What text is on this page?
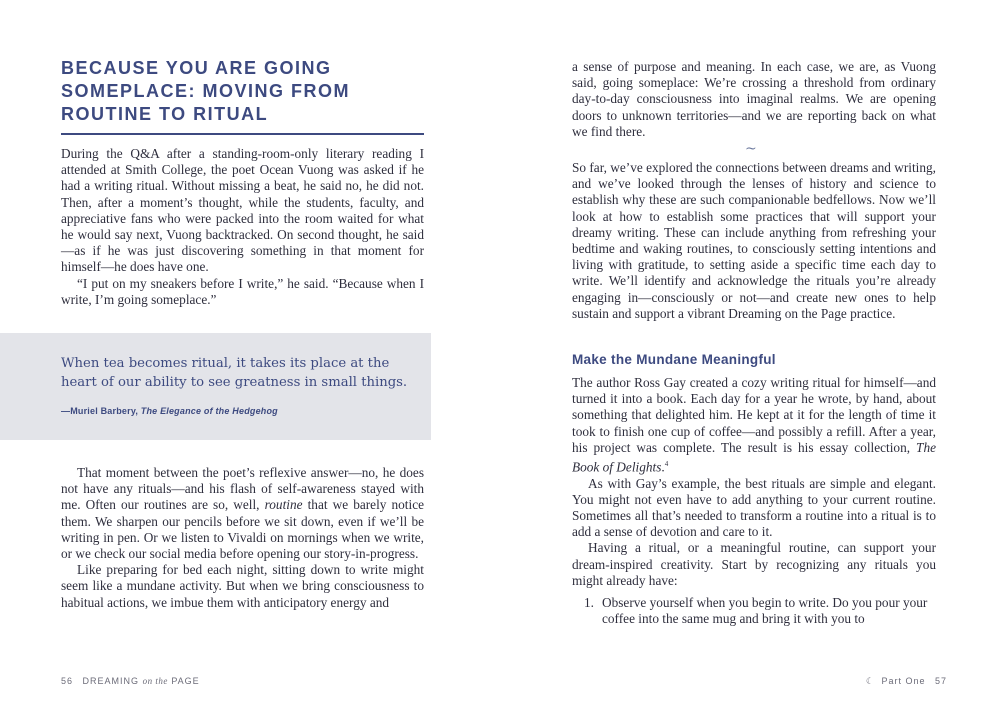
BECAUSE YOU ARE GOING SOMEPLACE: MOVING FROM ROUTINE TO RITUAL

During the Q&A after a standing-room-only literary reading I attended at Smith College, the poet Ocean Vuong was asked if he had a writing ritual. Without missing a beat, he said no, he did not. Then, after a moment’s thought, while the students, faculty, and appreciative fans who were packed into the room waited for what he would say next, Vuong backtracked. On second thought, he said—as if he was just discovering something in that moment for himself—he does have one.

“I put on my sneakers before I write,” he said. “Because when I write, I’m going someplace.”

When tea becomes ritual, it takes its place at the heart of our ability to see greatness in small things.

—Muriel Barbery, The Elegance of the Hedgehog

That moment between the poet’s reflexive answer—no, he does not have any rituals—and his flash of self-awareness stayed with me. Often our routines are so, well, routine that we barely notice them. We sharpen our pencils before we sit down, even if we’ll be writing in pen. Or we listen to Vivaldi on mornings when we write, or we check our social media before opening our story-in-progress.

Like preparing for bed each night, sitting down to write might seem like a mundane activity. But when we bring consciousness to habitual actions, we imbue them with anticipatory energy and

56 DREAMING on the PAGE

a sense of purpose and meaning. In each case, we are, as Vuong said, going someplace: We’re crossing a threshold from ordinary day-to-day consciousness into imaginal realms. We are opening doors to unknown territories—and we are reporting back on what we find there.

~

So far, we’ve explored the connections between dreams and writing, and we’ve looked through the lenses of history and science to establish why these are such companionable bedfellows. Now we’ll look at how to establish some practices that will support your dreamy writing. These can include anything from refreshing your bedtime and waking routines, to consciously setting intentions and living with gratitude, to setting aside a specific time each day to write. We’ll identify and acknowledge the rituals you’re already engaging in—consciously or not—and create new ones to help sustain and support a vibrant Dreaming on the Page practice.

Make the Mundane Meaningful

The author Ross Gay created a cozy writing ritual for himself—and turned it into a book. Each day for a year he wrote, by hand, about something that delighted him. He kept at it for the length of time it took to finish one cup of coffee—and possibly a refill. After a year, his project was complete. The result is his essay collection, The Book of Delights.$^4$

As with Gay’s example, the best rituals are simple and elegant. You might not even have to add anything to your current routine. Sometimes all that’s needed to transform a routine into a ritual is to add a sense of devotion and care to it.

Having a ritual, or a meaningful routine, can support your dream-inspired creativity. Start by recognizing any rituals you might already have:

1. Observe yourself when you begin to write. Do you pour your coffee into the same mug and bring it with you to
☾ Part One 57
